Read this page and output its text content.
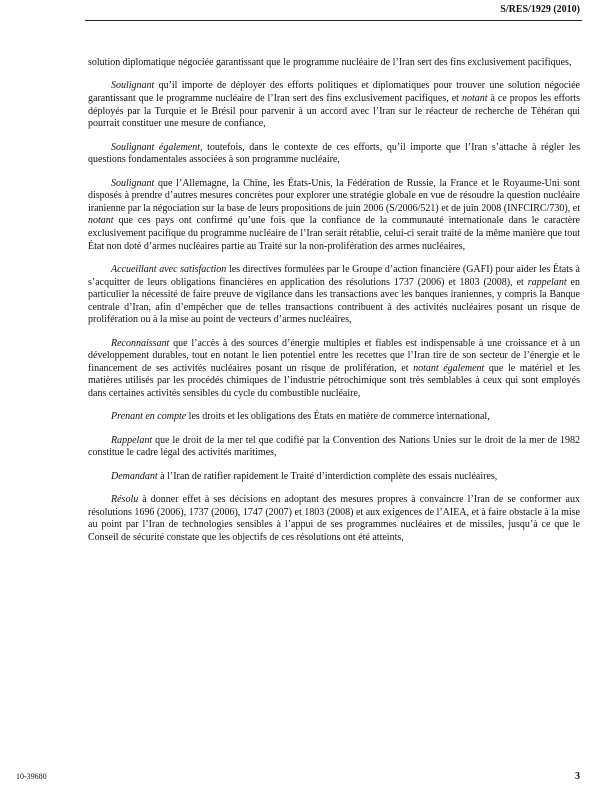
S/RES/1929 (2010)

solution diplomatique négociée garantissant que le programme nucléaire de l’Iran sert des fins exclusivement pacifiques,

Soulignant qu’il importe de déployer des efforts politiques et diplomatiques pour trouver une solution négociée garantissant que le programme nucléaire de l’Iran sert des fins exclusivement pacifiques, et notant à ce propos les efforts déployés par la Turquie et le Brésil pour parvenir à un accord avec l’Iran sur le réacteur de recherche de Téhéran qui pourrait constituer une mesure de confiance,

Soulignant également, toutefois, dans le contexte de ces efforts, qu’il importe que l’Iran s’attache à régler les questions fondamentales associées à son programme nucléaire,

Soulignant que l’Allemagne, la Chine, les États-Unis, la Fédération de Russie, la France et le Royaume-Uni sont disposés à prendre d’autres mesures concrètes pour explorer une stratégie globale en vue de résoudre la question nucléaire iranienne par la négociation sur la base de leurs propositions de juin 2006 (S/2006/521) et de juin 2008 (INFCIRC/730), et notant que ces pays ont confirmé qu’une fois que la confiance de la communauté internationale dans le caractère exclusivement pacifique du programme nucléaire de l’Iran serait rétablie, celui-ci serait traité de la même manière que tout État non doté d’armes nucléaires partie au Traité sur la non-prolifération des armes nucléaires,

Accueillant avec satisfaction les directives formulées par le Groupe d’action financière (GAFI) pour aider les États à s’acquitter de leurs obligations financières en application des résolutions 1737 (2006) et 1803 (2008), et rappelant en particulier la nécessité de faire preuve de vigilance dans les transactions avec les banques iraniennes, y compris la Banque centrale d’Iran, afin d’empêcher que de telles transactions contribuent à des activités nucléaires posant un risque de prolifération ou à la mise au point de vecteurs d’armes nucléaires,

Reconnaissant que l’accès à des sources d’énergie multiples et fiables est indispensable à une croissance et à un développement durables, tout en notant le lien potentiel entre les recettes que l’Iran tire de son secteur de l’énergie et le financement de ses activités nucléaires posant un risque de prolifération, et notant également que le matériel et les matières utilisés par les procédés chimiques de l’industrie pétrochimique sont très semblables à ceux qui sont employés dans certaines activités sensibles du cycle du combustible nucléaire,

Prenant en compte les droits et les obligations des États en matière de commerce international,

Rappelant que le droit de la mer tel que codifié par la Convention des Nations Unies sur le droit de la mer de 1982 constitue le cadre légal des activités maritimes,

Demandant à l’Iran de ratifier rapidement le Traité d’interdiction complète des essais nucléaires,

Résolu à donner effet à ses décisions en adoptant des mesures propres à convaincre l’Iran de se conformer aux résolutions 1696 (2006), 1737 (2006), 1747 (2007) et 1803 (2008) et aux exigences de l’AIEA, et à faire obstacle à la mise au point par l’Iran de technologies sensibles à l’appui de ses programmes nucléaires et de missiles, jusqu’à ce que le Conseil de sécurité constate que les objectifs de ces résolutions ont été atteints,

10-39680	3
